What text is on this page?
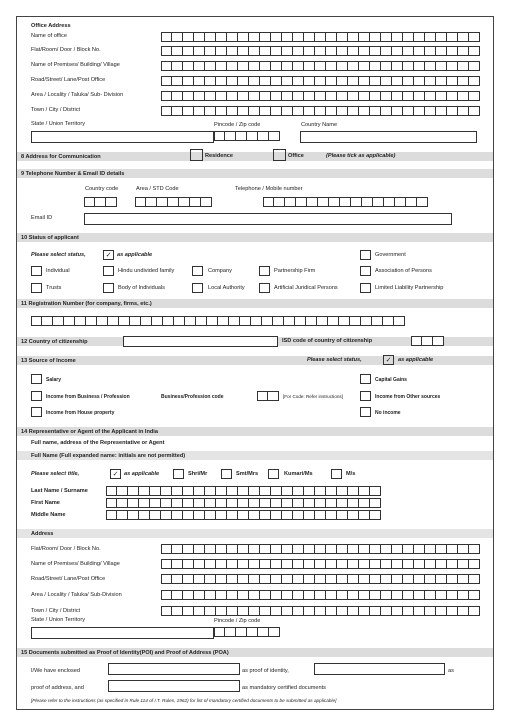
Office Address
Name of office
Flat/Room/ Door / Block No.
Name of Premises/ Building/ Village
Road/Street/ Lane/Post Office
Area / Locality / Taluka/ Sub- Division
Town / City / District
State / Union Territory	Pincode / Zip code	Country Name
8 Address for Communication	Residence	Office	(Please tick as applicable)
9 Telephone Number & Email ID details
Country code	Area / STD Code	Telephone / Mobile number
Email ID
10 Status of applicant
Please select status,	✓ as applicable	Government
Individual	Hindu undivided family	Company	Partnership Firm	Association of Persons
Trusts	Body of Individuals	Local Authority	Artificial Juridical Persons	Limited Liability Partnership
11 Registration Number (for company, firms, etc.)
12 Country of citizenship	ISD code of country of citizenship
13 Source of Income	Please select status,	✓	as applicable
Salary	Capital Gains
Income from Business / Profession	Business/Profession code	[For Code: Refer instructions]	Income from Other sources
Income from House property	No income
14 Representative or Agent of the Applicant in India
Full name, address of the Representative or Agent
Full Name (Full expanded name: initials are not permitted)
Please select title,	✓ as applicable	Shri/Mr	Smt/Mrs	Kumari/Ms	M/s
Last Name / Surname
First Name
Middle Name
Address
Flat/Room/ Door / Block No.
Name of Premises/ Building/ Village
Road/Street/ Lane/Post Office
Area / Locality / Taluka/ Sub-Division
Town / City / District
State / Union Territory	Pincode / Zip code
15 Documents submitted as Proof of Identity(POI) and Proof of Address (POA)
I/We have enclosed	as proof of identity,	as
proof of address, and	as mandatory certified documents
[Please refer to the instructions (as specified in Rule 114 of I.T. Rules, 1962) for list of mandatory certified documents to be submitted as applicable]
